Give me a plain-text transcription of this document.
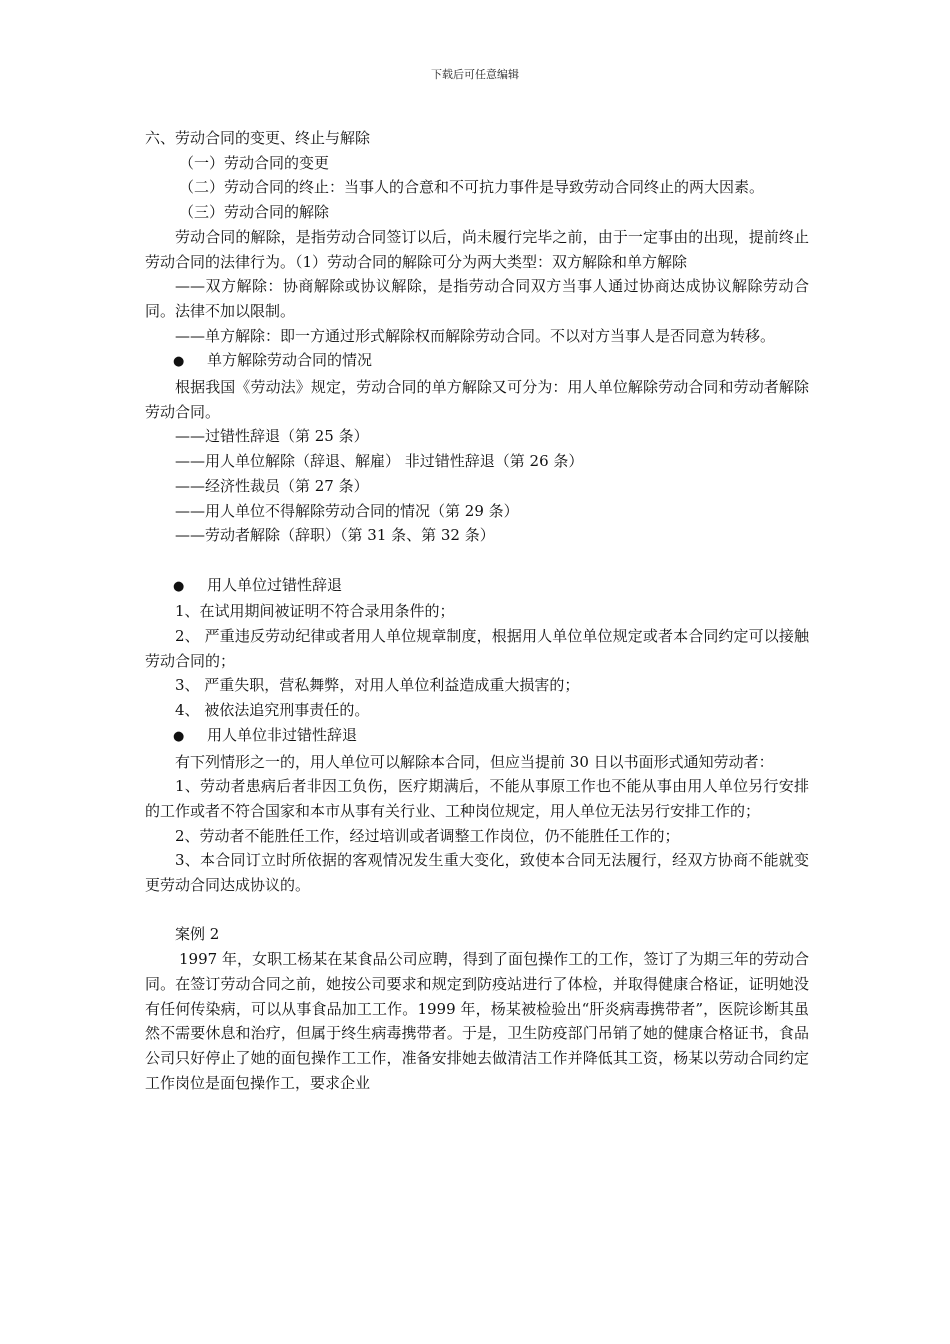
下载后可任意编辑

六、劳动合同的变更、终止与解除

（一）劳动合同的变更

（二）劳动合同的终止：当事人的合意和不可抗力事件是导致劳动合同终止的两大因素。

（三）劳动合同的解除

劳动合同的解除，是指劳动合同签订以后，尚未履行完毕之前，由于一定事由的出现，提前终止劳动合同的法律行为。（1）劳动合同的解除可分为两大类型：双方解除和单方解除

——双方解除：协商解除或协议解除，是指劳动合同双方当事人通过协商达成协议解除劳动合同。法律不加以限制。

——单方解除：即一方通过形式解除权而解除劳动合同。不以对方当事人是否同意为转移。

● 单方解除劳动合同的情况

根据我国《劳动法》规定，劳动合同的单方解除又可分为：用人单位解除劳动合同和劳动者解除劳动合同。

——过错性辞退（第 25 条）

——用人单位解除（辞退、解雇） 非过错性辞退（第 26 条）

——经济性裁员（第 27 条）

——用人单位不得解除劳动合同的情况（第 29 条）

——劳动者解除（辞职）（第 31 条、第 32 条）

● 用人单位过错性辞退

1、在试用期间被证明不符合录用条件的；

2、 严重违反劳动纪律或者用人单位规章制度，根据用人单位单位规定或者本合同约定可以接触劳动合同的；

3、 严重失职，营私舞弊，对用人单位利益造成重大损害的；

4、 被依法追究刑事责任的。

● 用人单位非过错性辞退

有下列情形之一的，用人单位可以解除本合同，但应当提前 30 日以书面形式通知劳动者：

1、劳动者患病后者非因工负伤，医疗期满后，不能从事原工作也不能从事由用人单位另行安排的工作或者不符合国家和本市从事有关行业、工种岗位规定，用人单位无法另行安排工作的；

2、劳动者不能胜任工作，经过培训或者调整工作岗位，仍不能胜任工作的；

3、本合同订立时所依据的客观情况发生重大变化，致使本合同无法履行，经双方协商不能就变更劳动合同达成协议的。

案例 2

1997 年，女职工杨某在某食品公司应聘，得到了面包操作工的工作，签订了为期三年的劳动合同。在签订劳动合同之前，她按公司要求和规定到防疫站进行了体检，并取得健康合格证，证明她没有任何传染病，可以从事食品加工工作。1999 年，杨某被检验出“肝炎病毒携带者”，医院诊断其虽然不需要休息和治疗，但属于终生病毒携带者。于是，卫生防疫部门吊销了她的健康合格证书，食品公司只好停止了她的面包操作工工作，准备安排她去做清洁工作并降低其工资，杨某以劳动合同约定工作岗位是面包操作工，要求企业
